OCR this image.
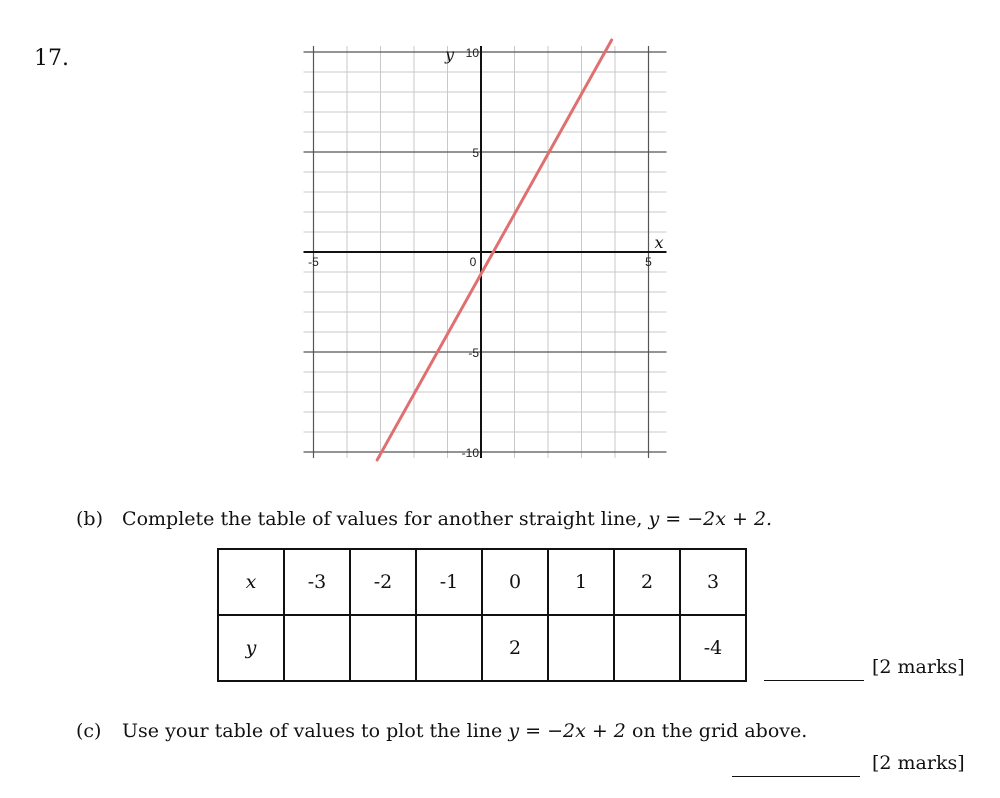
17.
-5	0	5
10
5
-5
-10
x
y
(b) Complete the table of values for another straight line, y = −2x + 2.
x	-3	-2	-1	0	1	2	3
y				2			-4
[2 marks]
(c) Use your table of values to plot the line y = −2x + 2 on the grid above.
[2 marks]
